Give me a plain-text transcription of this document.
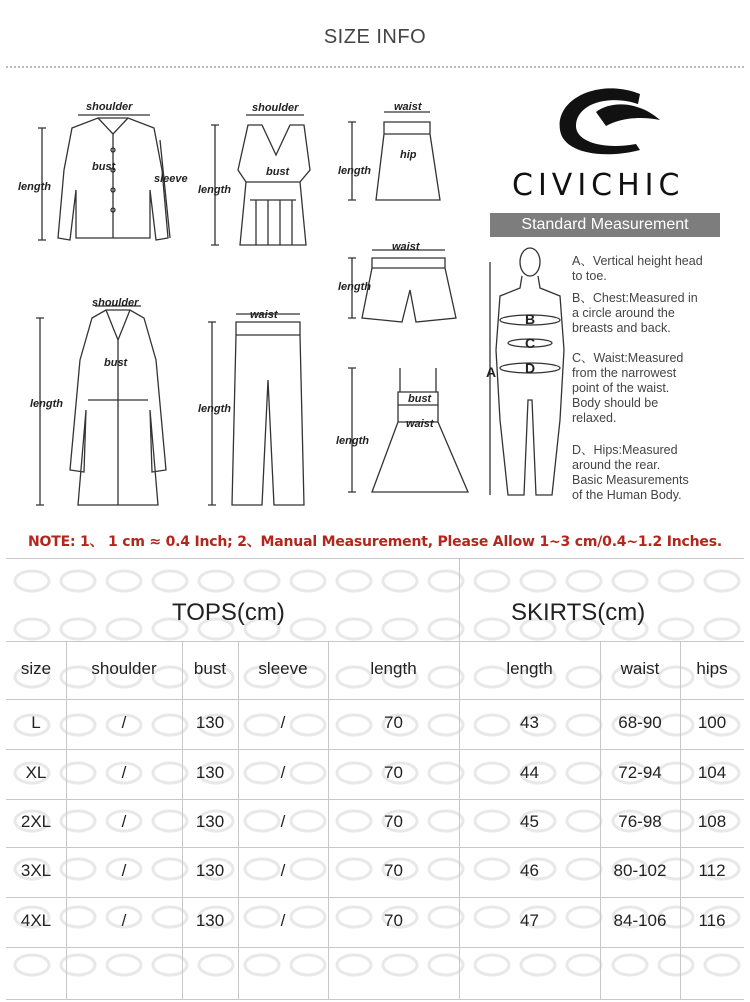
SIZE INFO
shoulder
bust
sleeve
length
shoulder
bust
length
waist
hip
length
waist
length
shoulder
bust
length
waist
length
bust
waist
length
B
C
D
A
CIVICHIC
Standard Measurement
A、Vertical height head
to toe.
B、Chest:Measured in
a circle around the
breasts and back.
C、Waist:Measured
from the narrowest
point of the waist.
Body should be
relaxed.
D、Hips:Measured
around the rear.
Basic Measurements
of the Human Body.
NOTE: 1、 1 cm ≈ 0.4 Inch; 2、Manual Measurement, Please Allow 1~3 cm/0.4~1.2 Inches.
TOPS(cm)	SKIRTS(cm)
size	shoulder	bust	sleeve	length	length	waist	hips
L	/	130	/	70	43	68-90	100
XL	/	130	/	70	44	72-94	104
2XL	/	130	/	70	45	76-98	108
3XL	/	130	/	70	46	80-102	112
4XL	/	130	/	70	47	84-106	116
